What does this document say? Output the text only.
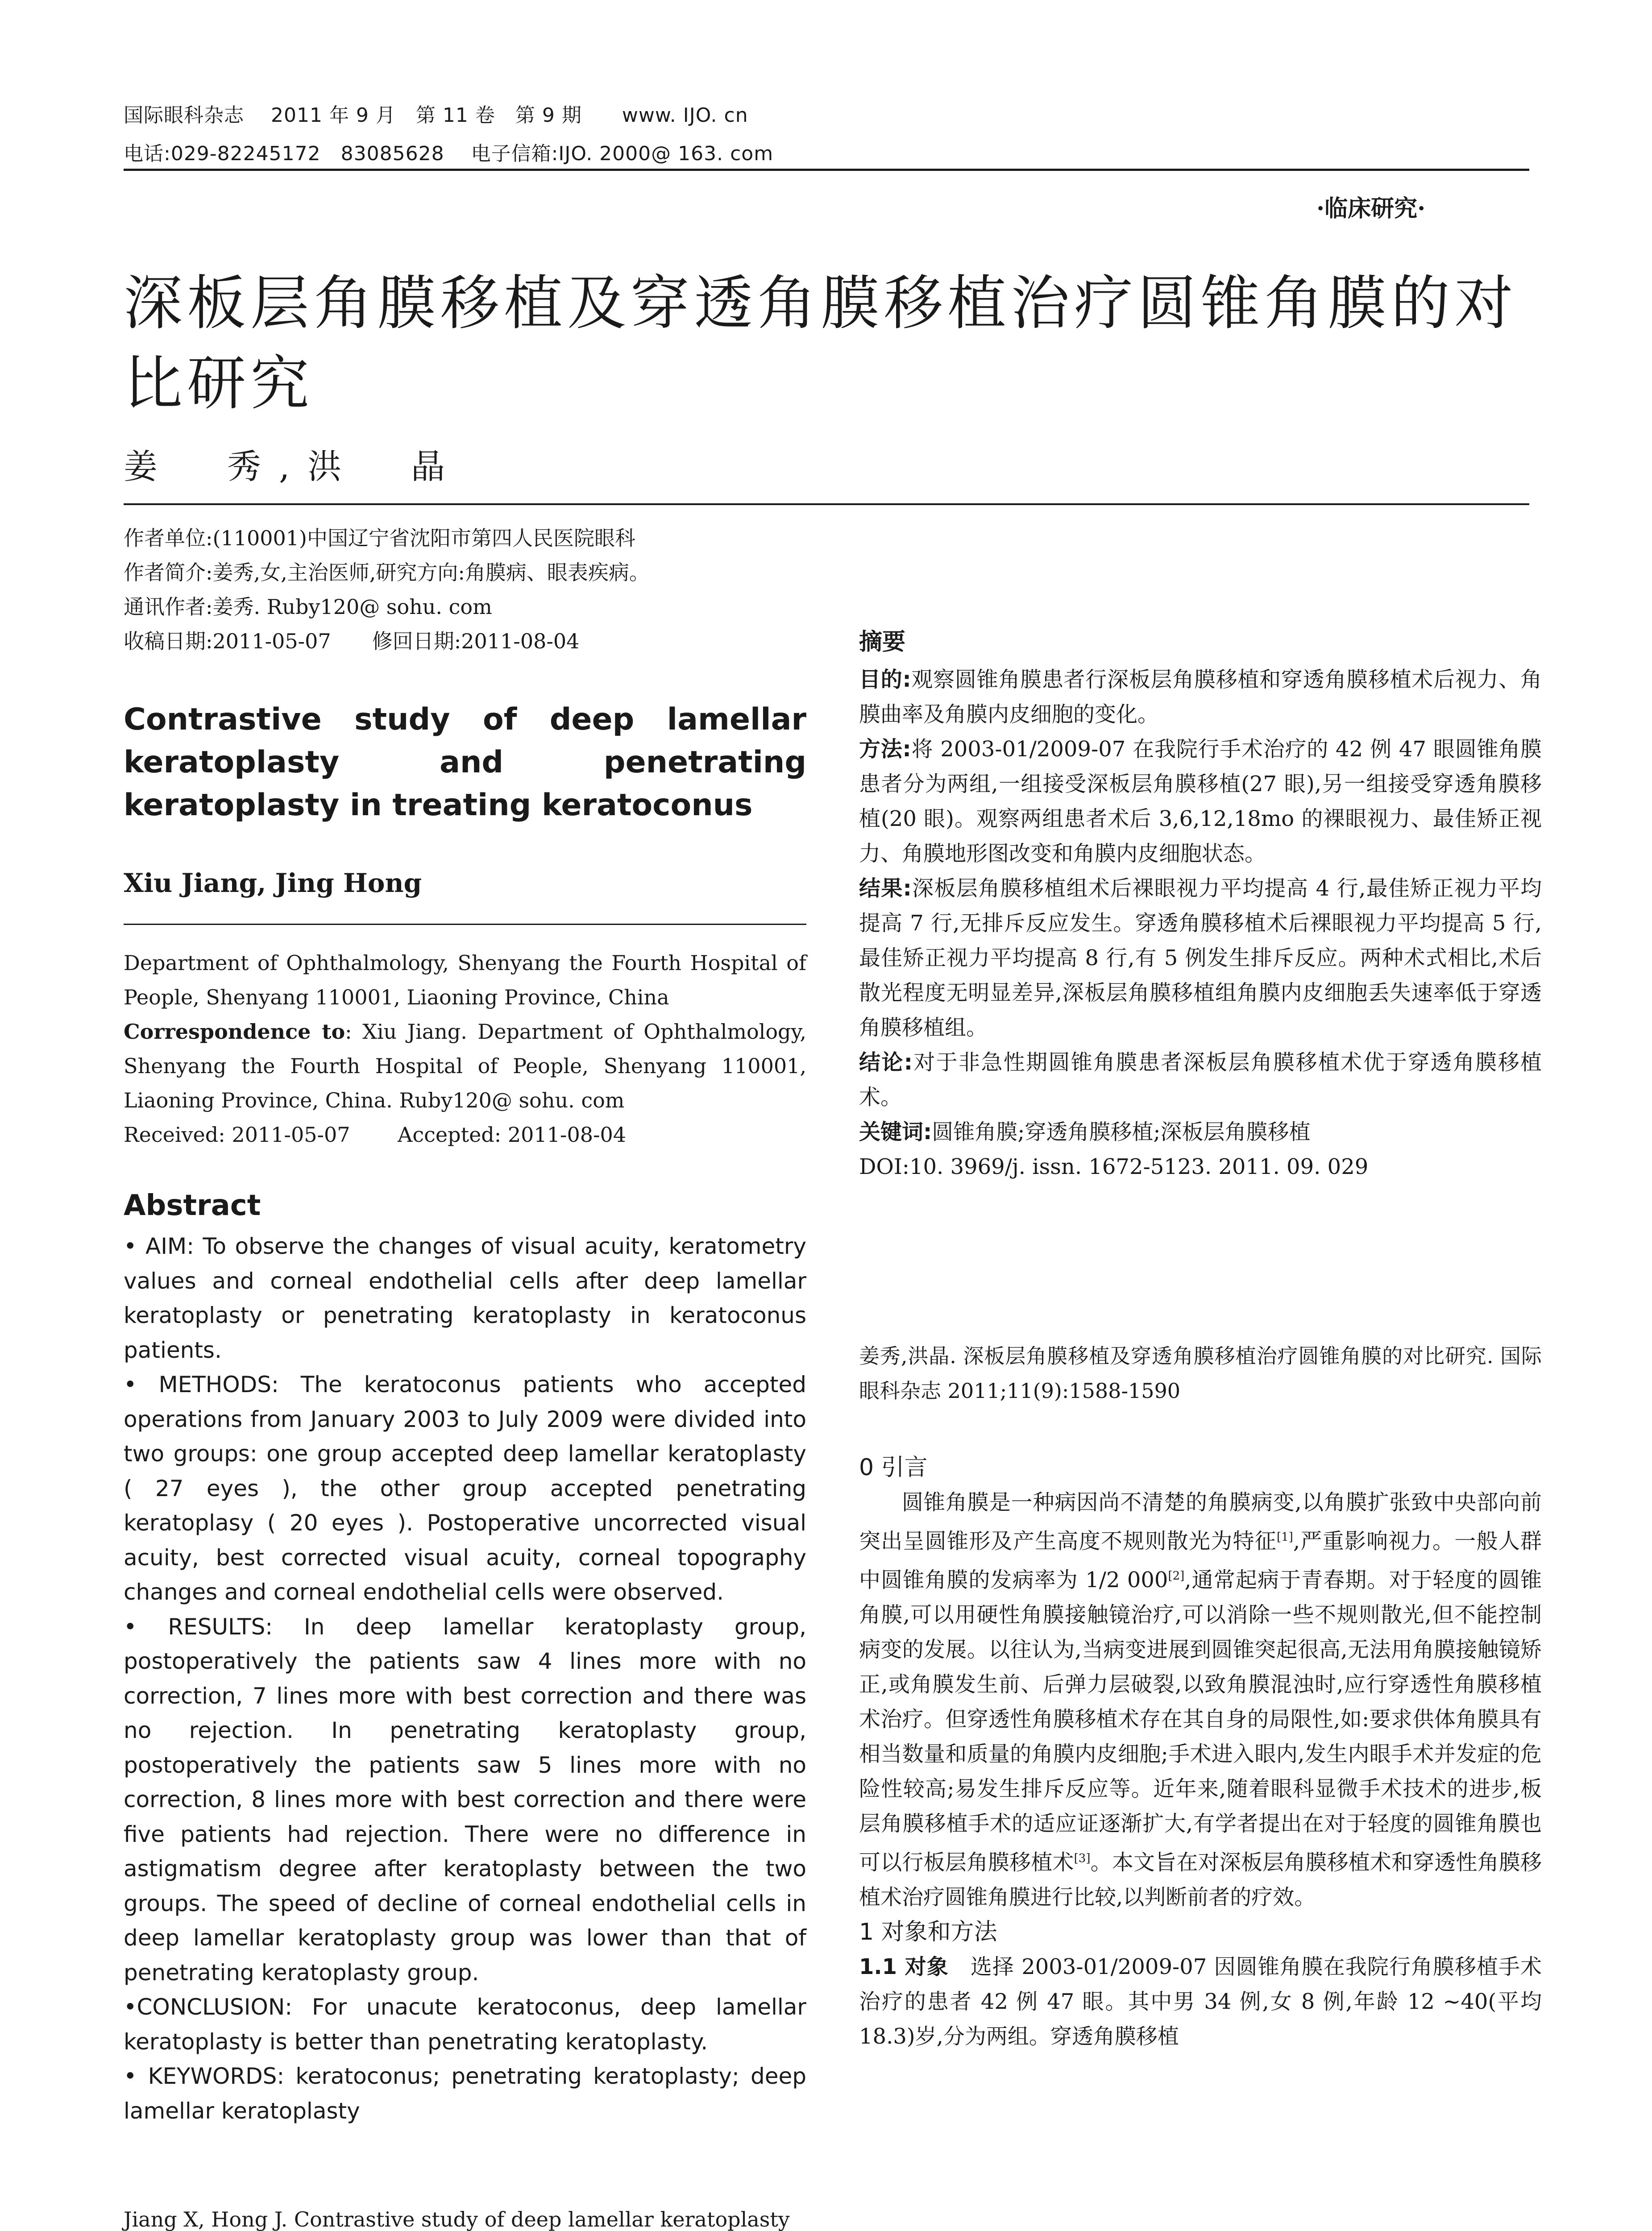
国际眼科杂志　 2011 年 9 月　第 11 卷　第 9 期　　www. IJO. cn
电话:029-82245172　83085628　 电子信箱:IJO. 2000@ 163. com
·临床研究·
深板层角膜移植及穿透角膜移植治疗圆锥角膜的对比研究
姜　秀,洪　晶
作者单位:(110001)中国辽宁省沈阳市第四人民医院眼科
作者简介:姜秀,女,主治医师,研究方向:角膜病、眼表疾病。
通讯作者:姜秀. Ruby120@ sohu. com
收稿日期:2011-05-07　　修回日期:2011-08-04
Contrastive study of deep lamellar keratoplasty and penetrating keratoplasty in treating keratoconus
Xiu Jiang, Jing Hong
Department of Ophthalmology, Shenyang the Fourth Hospital of People, Shenyang 110001, Liaoning Province, China
Correspondence to: Xiu Jiang. Department of Ophthalmology, Shenyang the Fourth Hospital of People, Shenyang 110001, Liaoning Province, China. Ruby120@ sohu. com
Received: 2011-05-07　　 Accepted: 2011-08-04
Abstract

• AIM: To observe the changes of visual acuity, keratometry values and corneal endothelial cells after deep lamellar keratoplasty or penetrating keratoplasty in keratoconus patients.

• METHODS: The keratoconus patients who accepted operations from January 2003 to July 2009 were divided into two groups: one group accepted deep lamellar keratoplasty ( 27 eyes ), the other group accepted penetrating keratoplasy ( 20 eyes ). Postoperative uncorrected visual acuity, best corrected visual acuity, corneal topography changes and corneal endothelial cells were observed.

• RESULTS: In deep lamellar keratoplasty group, postoperatively the patients saw 4 lines more with no correction, 7 lines more with best correction and there was no rejection. In penetrating keratoplasty group, postoperatively the patients saw 5 lines more with no correction, 8 lines more with best correction and there were five patients had rejection. There were no difference in astigmatism degree after keratoplasty between the two groups. The speed of decline of corneal endothelial cells in deep lamellar keratoplasty group was lower than that of penetrating keratoplasty group.

•CONCLUSION: For unacute keratoconus, deep lamellar keratoplasty is better than penetrating keratoplasty.

• KEYWORDS: keratoconus; penetrating keratoplasty; deep lamellar keratoplasty

Jiang X, Hong J. Contrastive study of deep lamellar keratoplasty

摘要

目的:观察圆锥角膜患者行深板层角膜移植和穿透角膜移植术后视力、角膜曲率及角膜内皮细胞的变化。

方法:将 2003-01/2009-07 在我院行手术治疗的 42 例 47 眼圆锥角膜患者分为两组,一组接受深板层角膜移植(27 眼),另一组接受穿透角膜移植(20 眼)。观察两组患者术后 3,6,12,18mo 的裸眼视力、最佳矫正视力、角膜地形图改变和角膜内皮细胞状态。

结果:深板层角膜移植组术后裸眼视力平均提高 4 行,最佳矫正视力平均提高 7 行,无排斥反应发生。穿透角膜移植术后裸眼视力平均提高 5 行,最佳矫正视力平均提高 8 行,有 5 例发生排斥反应。两种术式相比,术后散光程度无明显差异,深板层角膜移植组角膜内皮细胞丢失速率低于穿透角膜移植组。

结论:对于非急性期圆锥角膜患者深板层角膜移植术优于穿透角膜移植术。

关键词:圆锥角膜;穿透角膜移植;深板层角膜移植

DOI:10. 3969/j. issn. 1672-5123. 2011. 09. 029

姜秀,洪晶. 深板层角膜移植及穿透角膜移植治疗圆锥角膜的对比研究. 国际眼科杂志 2011;11(9):1588-1590

0 引言

圆锥角膜是一种病因尚不清楚的角膜病变,以角膜扩张致中央部向前突出呈圆锥形及产生高度不规则散光为特征[1],严重影响视力。一般人群中圆锥角膜的发病率为 1/2 000[2],通常起病于青春期。对于轻度的圆锥角膜,可以用硬性角膜接触镜治疗,可以消除一些不规则散光,但不能控制病变的发展。以往认为,当病变进展到圆锥突起很高,无法用角膜接触镜矫正,或角膜发生前、后弹力层破裂,以致角膜混浊时,应行穿透性角膜移植术治疗。但穿透性角膜移植术存在其自身的局限性,如:要求供体角膜具有相当数量和质量的角膜内皮细胞;手术进入眼内,发生内眼手术并发症的危险性较高;易发生排斥反应等。近年来,随着眼科显微手术技术的进步,板层角膜移植手术的适应证逐渐扩大,有学者提出在对于轻度的圆锥角膜也可以行板层角膜移植术[3]。本文旨在对深板层角膜移植术和穿透性角膜移植术治疗圆锥角膜进行比较,以判断前者的疗效。

1 对象和方法

1.1 对象　选择 2003-01/2009-07 因圆锥角膜在我院行角膜移植手术治疗的患者 42 例 47 眼。其中男 34 例,女 8 例,年龄 12 ~40(平均 18.3)岁,分为两组。穿透角膜移植
